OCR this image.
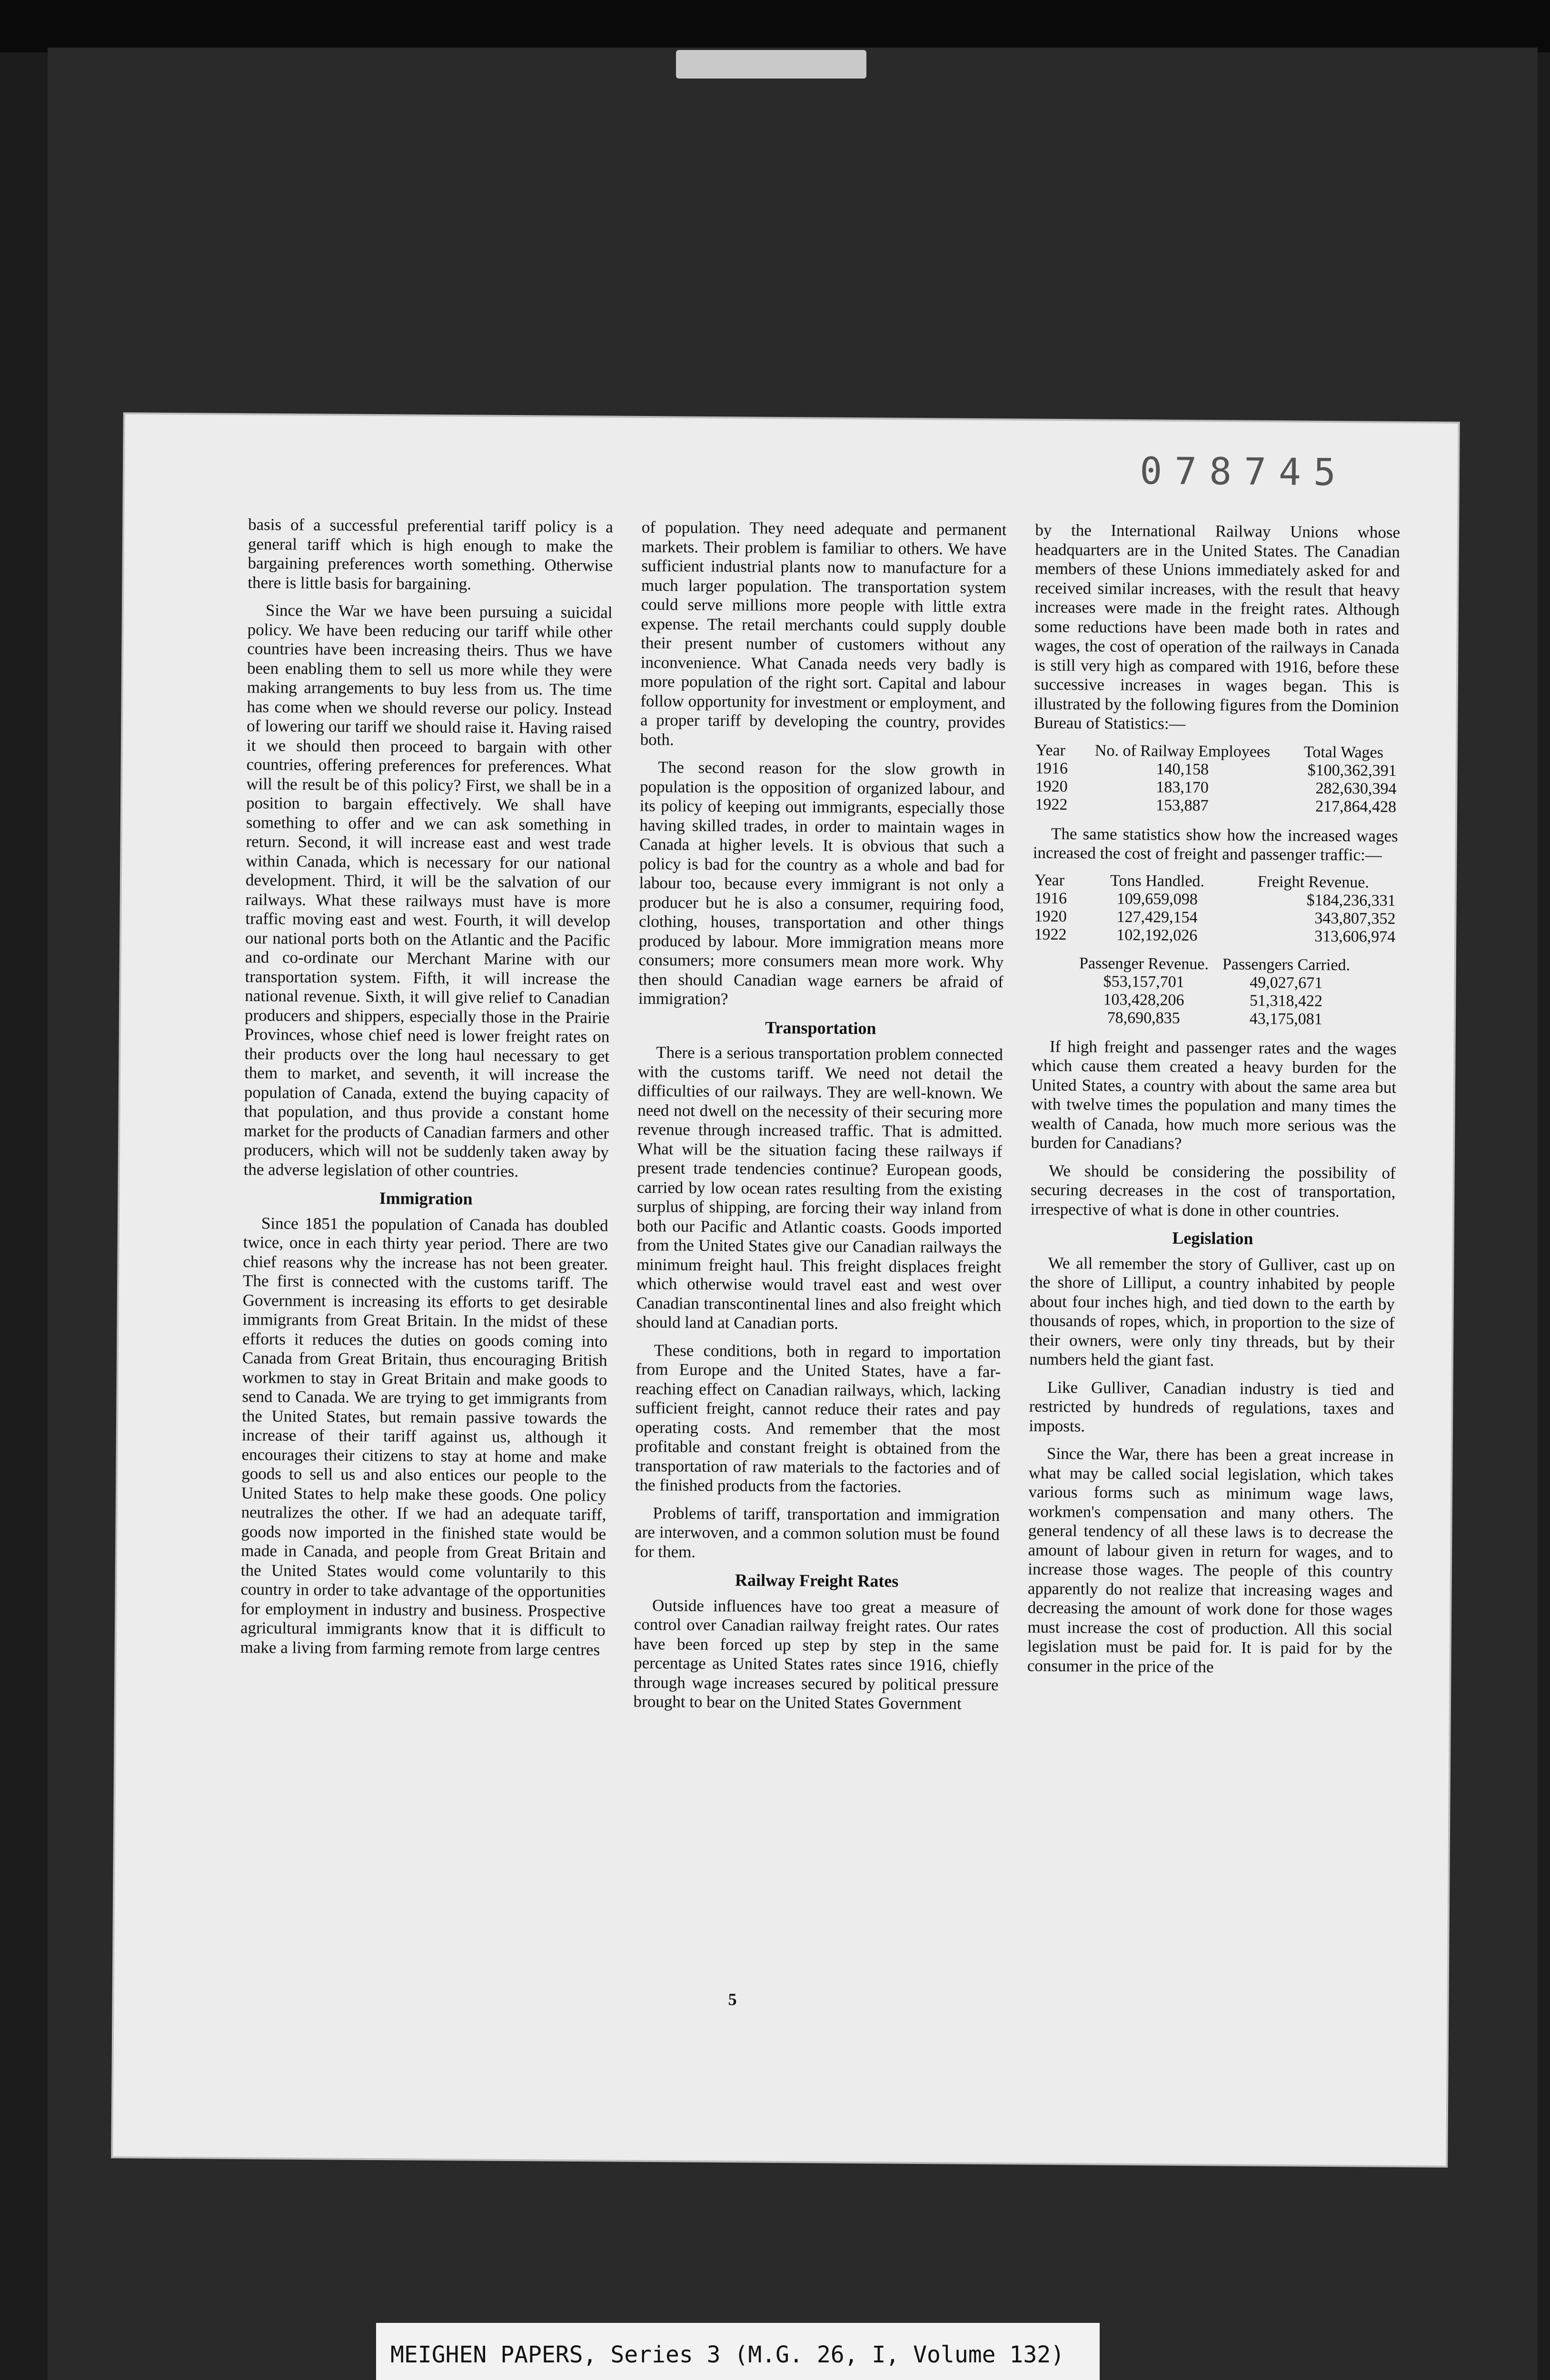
078745

basis of a successful preferential tariff policy is a general tariff which is high enough to make the bargaining preferences worth something. Otherwise there is little basis for bargaining.

Since the War we have been pursuing a suicidal policy. We have been reducing our tariff while other countries have been increasing theirs. Thus we have been enabling them to sell us more while they were making arrangements to buy less from us. The time has come when we should reverse our policy. Instead of lowering our tariff we should raise it. Having raised it we should then proceed to bargain with other countries, offering preferences for preferences. What will the result be of this policy? First, we shall be in a position to bargain effectively. We shall have something to offer and we can ask something in return. Second, it will increase east and west trade within Canada, which is necessary for our national development. Third, it will be the salvation of our railways. What these railways must have is more traffic moving east and west. Fourth, it will develop our national ports both on the Atlantic and the Pacific and co-ordinate our Merchant Marine with our transportation system. Fifth, it will increase the national revenue. Sixth, it will give relief to Canadian producers and shippers, especially those in the Prairie Provinces, whose chief need is lower freight rates on their products over the long haul necessary to get them to market, and seventh, it will increase the population of Canada, extend the buying capacity of that population, and thus provide a constant home market for the products of Canadian farmers and other producers, which will not be suddenly taken away by the adverse legislation of other countries.

Immigration

Since 1851 the population of Canada has doubled twice, once in each thirty year period. There are two chief reasons why the increase has not been greater. The first is connected with the customs tariff. The Government is increasing its efforts to get desirable immigrants from Great Britain. In the midst of these efforts it reduces the duties on goods coming into Canada from Great Britain, thus encouraging British workmen to stay in Great Britain and make goods to send to Canada. We are trying to get immigrants from the United States, but remain passive towards the increase of their tariff against us, although it encourages their citizens to stay at home and make goods to sell us and also entices our people to the United States to help make these goods. One policy neutralizes the other. If we had an adequate tariff, goods now imported in the finished state would be made in Canada, and people from Great Britain and the United States would come voluntarily to this country in order to take advantage of the opportunities for employment in industry and business. Prospective agricultural immigrants know that it is difficult to make a living from farming remote from large centres

of population. They need adequate and permanent markets. Their problem is familiar to others. We have sufficient industrial plants now to manufacture for a much larger population. The transportation system could serve millions more people with little extra expense. The retail merchants could supply double their present number of customers without any inconvenience. What Canada needs very badly is more population of the right sort. Capital and labour follow opportunity for investment or employment, and a proper tariff by developing the country, provides both.

The second reason for the slow growth in population is the opposition of organized labour, and its policy of keeping out immigrants, especially those having skilled trades, in order to maintain wages in Canada at higher levels. It is obvious that such a policy is bad for the country as a whole and bad for labour too, because every immigrant is not only a producer but he is also a consumer, requiring food, clothing, houses, transportation and other things produced by labour. More immigration means more consumers; more consumers mean more work. Why then should Canadian wage earners be afraid of immigration?

Transportation

There is a serious transportation problem connected with the customs tariff. We need not detail the difficulties of our railways. They are well-known. We need not dwell on the necessity of their securing more revenue through increased traffic. That is admitted. What will be the situation facing these railways if present trade tendencies continue? European goods, carried by low ocean rates resulting from the existing surplus of shipping, are forcing their way inland from both our Pacific and Atlantic coasts. Goods imported from the United States give our Canadian railways the minimum freight haul. This freight displaces freight which otherwise would travel east and west over Canadian transcontinental lines and also freight which should land at Canadian ports.

These conditions, both in regard to importation from Europe and the United States, have a far-reaching effect on Canadian railways, which, lacking sufficient freight, cannot reduce their rates and pay operating costs. And remember that the most profitable and constant freight is obtained from the transportation of raw materials to the factories and of the finished products from the factories.

Problems of tariff, transportation and immigration are interwoven, and a common solution must be found for them.

Railway Freight Rates

Outside influences have too great a measure of control over Canadian railway freight rates. Our rates have been forced up step by step in the same percentage as United States rates since 1916, chiefly through wage increases secured by political pressure brought to bear on the United States Government

by the International Railway Unions whose headquarters are in the United States. The Canadian members of these Unions immediately asked for and received similar increases, with the result that heavy increases were made in the freight rates. Although some reductions have been made both in rates and wages, the cost of operation of the railways in Canada is still very high as compared with 1916, before these successive increases in wages began. This is illustrated by the following figures from the Dominion Bureau of Statistics:—

Year	No. of Railway Employees	Total Wages
1916	140,158	$100,362,391
1920	183,170	282,630,394
1922	153,887	217,864,428

The same statistics show how the increased wages increased the cost of freight and passenger traffic:—

Year	Tons Handled.	Freight Revenue.
1916	109,659,098	$184,236,331
1920	127,429,154	343,807,352
1922	102,192,026	313,606,974
Passenger Revenue.	Passengers Carried.
$53,157,701	49,027,671
103,428,206	51,318,422
78,690,835	43,175,081

If high freight and passenger rates and the wages which cause them created a heavy burden for the United States, a country with about the same area but with twelve times the population and many times the wealth of Canada, how much more serious was the burden for Canadians?

We should be considering the possibility of securing decreases in the cost of transportation, irrespective of what is done in other countries.

Legislation

We all remember the story of Gulliver, cast up on the shore of Lilliput, a country inhabited by people about four inches high, and tied down to the earth by thousands of ropes, which, in proportion to the size of their owners, were only tiny threads, but by their numbers held the giant fast.

Like Gulliver, Canadian industry is tied and restricted by hundreds of regulations, taxes and imposts.

Since the War, there has been a great increase in what may be called social legislation, which takes various forms such as minimum wage laws, workmen's compensation and many others. The general tendency of all these laws is to decrease the amount of labour given in return for wages, and to increase those wages. The people of this country apparently do not realize that increasing wages and decreasing the amount of work done for those wages must increase the cost of production. All this social legislation must be paid for. It is paid for by the consumer in the price of the

5
MEIGHEN PAPERS, Series 3 (M.G. 26, I, Volume 132)
